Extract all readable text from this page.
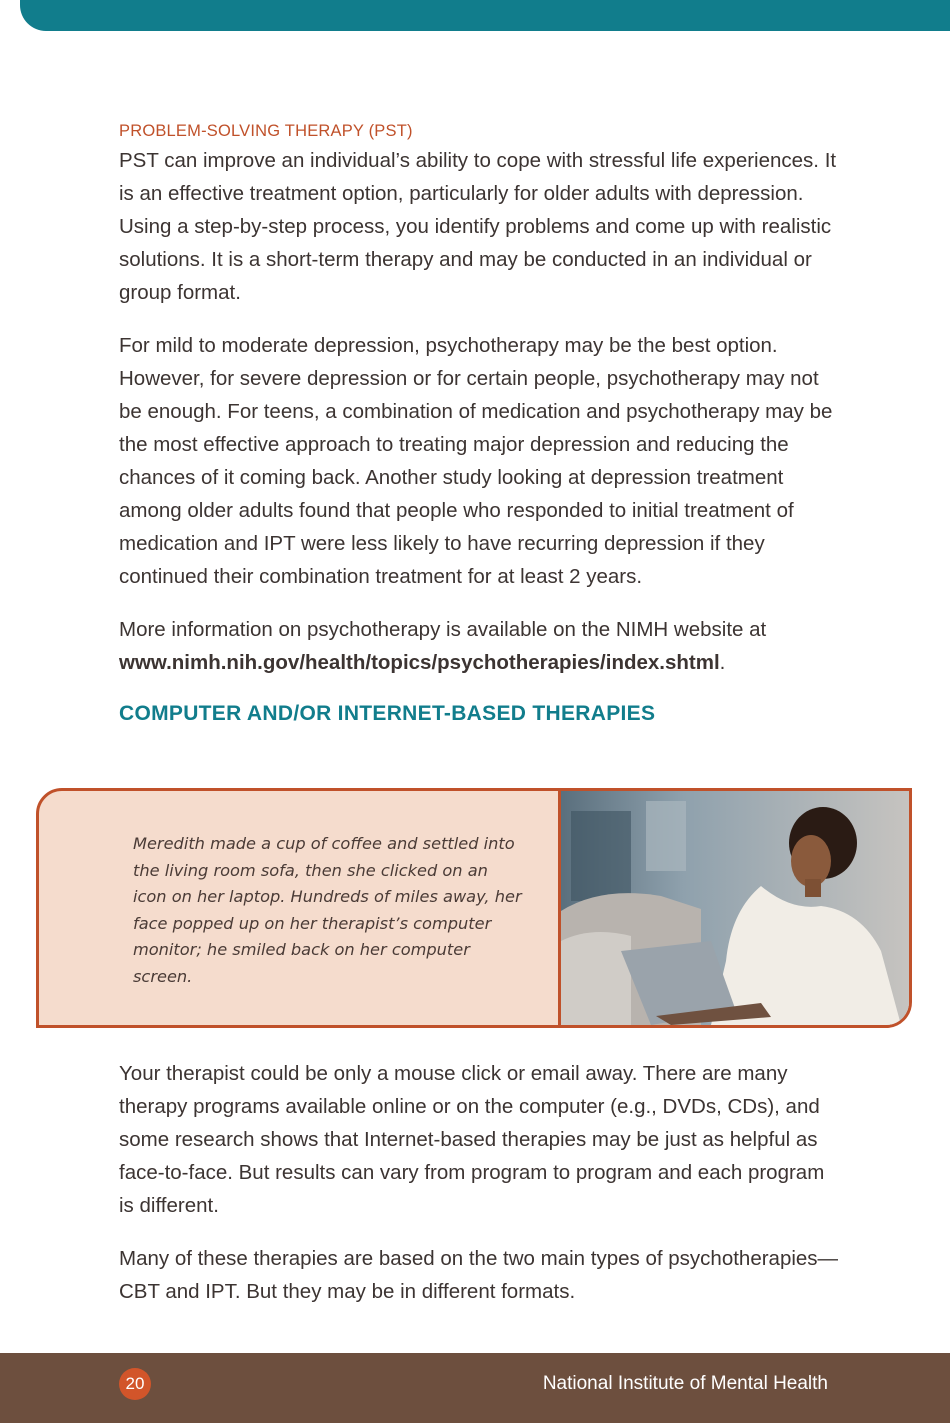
PROBLEM-SOLVING THERAPY (PST)

PST can improve an individual’s ability to cope with stressful life experiences. It is an effective treatment option, particularly for older adults with depression. Using a step-by-step process, you identify problems and come up with realistic solutions. It is a short-term therapy and may be conducted in an individual or group format.

For mild to moderate depression, psychotherapy may be the best option. However, for severe depression or for certain people, psychotherapy may not be enough. For teens, a combination of medication and psychotherapy may be the most effective approach to treating major depression and reducing the chances of it coming back. Another study looking at depression treatment among older adults found that people who responded to initial treatment of medication and IPT were less likely to have recurring depression if they continued their combination treatment for at least 2 years.

More information on psychotherapy is available on the NIMH website at www.nimh.nih.gov/health/topics/psychotherapies/index.shtml.

COMPUTER AND/OR INTERNET-BASED THERAPIES
Meredith made a cup of coffee and settled into the living room sofa, then she clicked on an icon on her laptop. Hundreds of miles away, her face popped up on her therapist’s computer monitor; he smiled back on her computer screen.

Your therapist could be only a mouse click or email away. There are many therapy programs available online or on the computer (e.g., DVDs, CDs), and some research shows that Internet-based therapies may be just as helpful as face-to-face. But results can vary from program to program and each program is different.

Many of these therapies are based on the two main types of psychotherapies—CBT and IPT. But they may be in different formats.

20	National Institute of Mental Health
